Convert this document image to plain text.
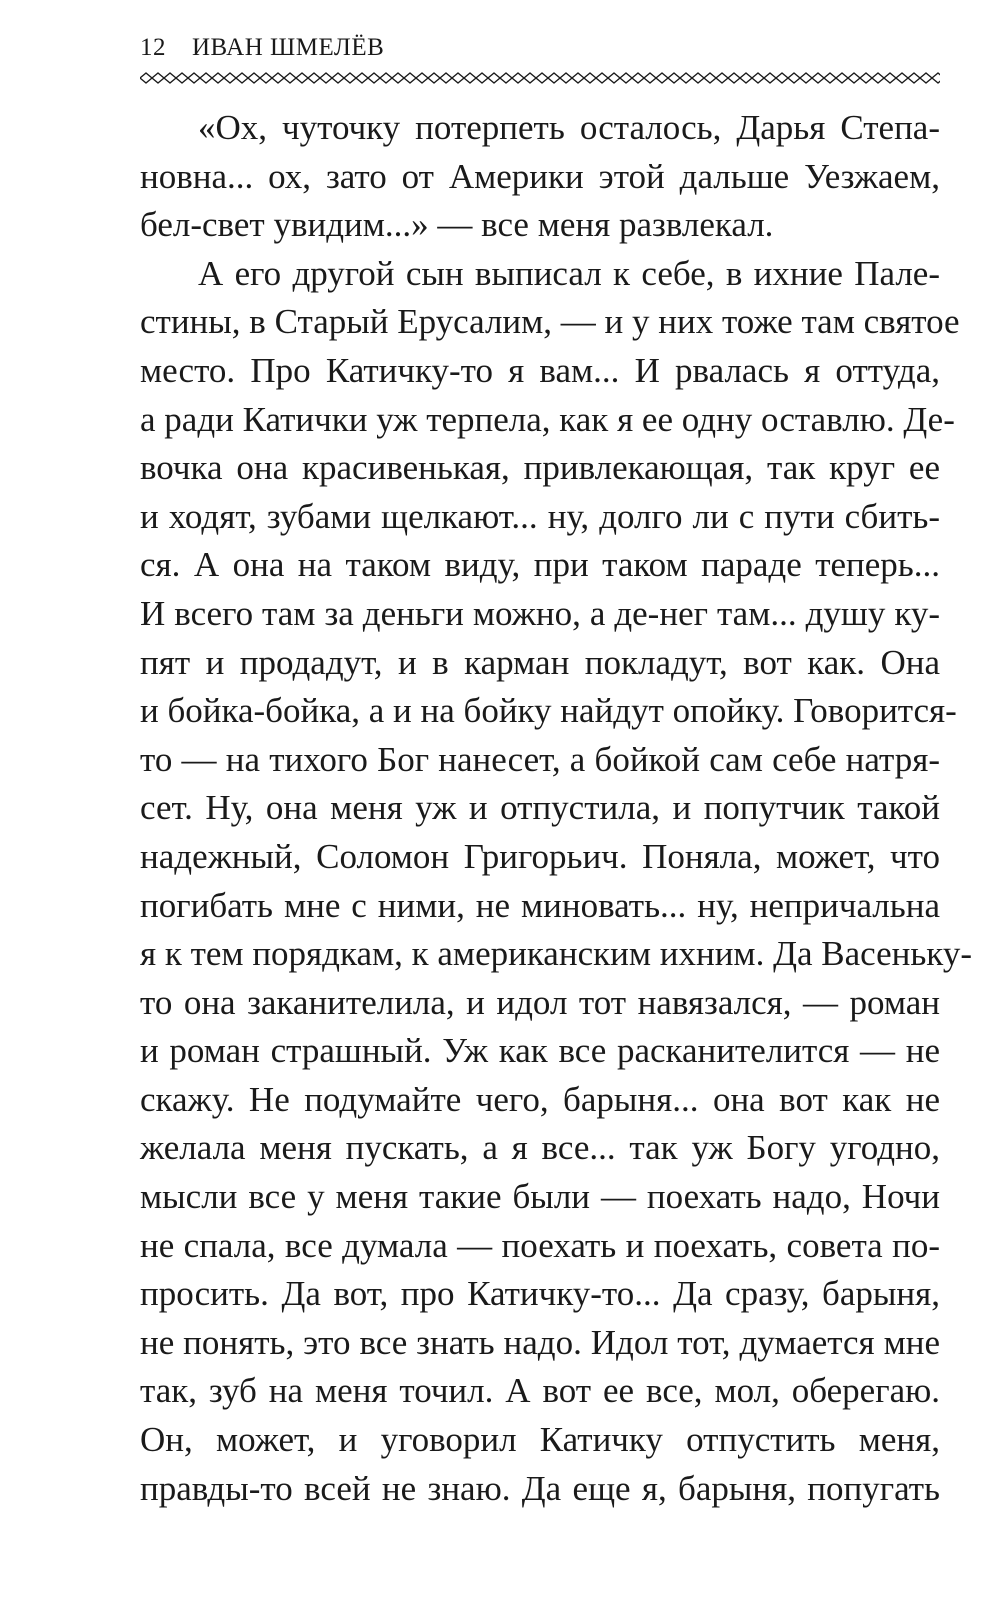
12 ИВАН ШМЕЛЁВ
«Ох, чуточку потерпеть осталось, Дарья Степа-
новна... ох, зато от Америки этой дальше Уезжаем,
бел-свет увидим...» — все меня развлекал.
А его другой сын выписал к себе, в ихние Пале-
стины, в Старый Ерусалим, — и у них тоже там святое
место. Про Катичку-то я вам... И рвалась я оттуда,
а ради Катички уж терпела, как я ее одну оставлю. Де-
вочка она красивенькая, привлекающая, так круг ее
и ходят, зубами щелкают... ну, долго ли с пути сбить-
ся. А она на таком виду, при таком параде теперь...
И всего там за деньги можно, а де-нег там... душу ку-
пят и продадут, и в карман покладут, вот как. Она
и бойка-бойка, а и на бойку найдут опойку. Говорится-
то — на тихого Бог нанесет, а бойкой сам себе натря-
сет. Ну, она меня уж и отпустила, и попутчик такой
надежный, Соломон Григорьич. Поняла, может, что
погибать мне с ними, не миновать... ну, непричальна
я к тем порядкам, к американским ихним. Да Васеньку-
то она заканителила, и идол тот навязался, — роман
и роман страшный. Уж как все расканителится — не
скажу. Не подумайте чего, барыня... она вот как не
желала меня пускать, а я все... так уж Богу угодно,
мысли все у меня такие были — поехать надо, Ночи
не спала, все думала — поехать и поехать, совета по-
просить. Да вот, про Катичку-то... Да сразу, барыня,
не понять, это все знать надо. Идол тот, думается мне
так, зуб на меня точил. А вот ее все, мол, оберегаю.
Он, может, и уговорил Катичку отпустить меня,
правды-то всей не знаю. Да еще я, барыня, попугать
